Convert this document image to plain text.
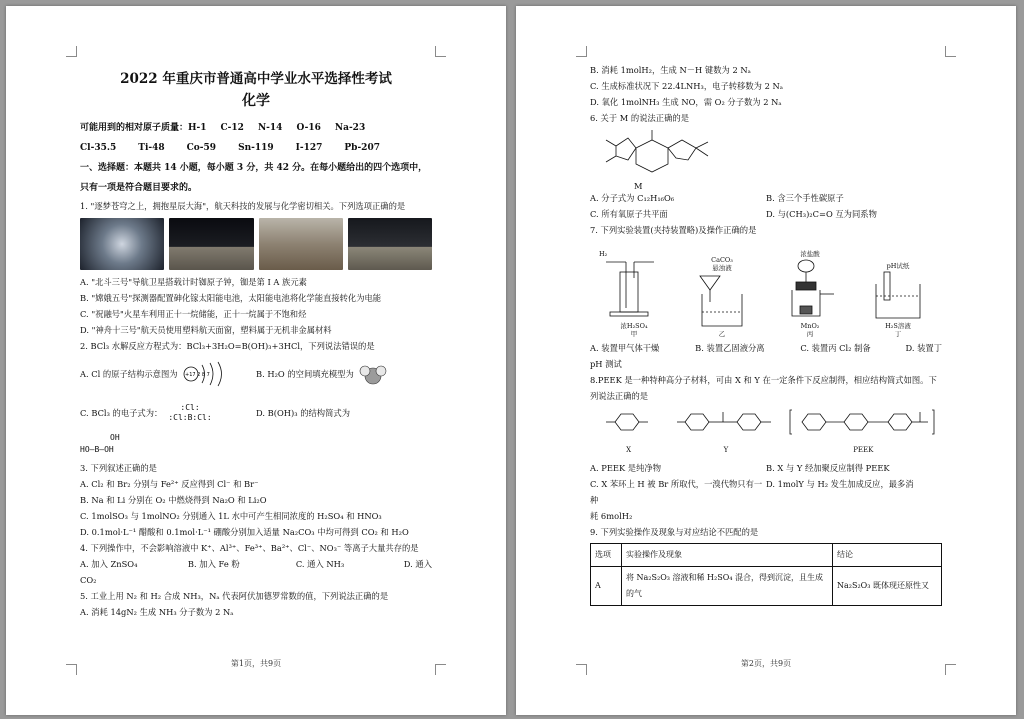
2022 年重庆市普通高中学业水平选择性考试
化学
可能用到的相对原子质量：H-1 C-12 N-14 O-16 Na-23
Cl-35.5 Ti-48 Co-59 Sn-119 I-127 Pb-207
一、选择题：本题共 14 小题，每小题 3 分，共 42 分。在每小题给出的四个选项中，只有一项是符合题目要求的。
1. "逐梦苍穹之上，拥抱星辰大海"，航天科技的发展与化学密切相关。下列选项正确的是
A. "北斗三号"导航卫星搭载计时铷原子钟，铷是第 I A 族元素
B. "嫦娥五号"探测器配置砷化镓太阳能电池，太阳能电池将化学能直接转化为电能
C. "祝融号"火星车利用正十一烷储能，正十一烷属于不饱和烃
D. "神舟十三号"航天员使用塑料航天面窗，塑料属于无机非金属材料
2. BCl₃ 水解反应方程式为：BCl₃+3H₂O=B(OH)₃+3HCl，下列说法错误的是
A. Cl 的原子结构示意图为 +17 2 8 7	B. H₂O 的空间填充模型为
C. BCl₃ 的电子式为：
:Cl:
:Cl:B:Cl:	D. B(OH)₃ 的结构简式为
OH
HO—B—OH
3. 下列叙述正确的是
A. Cl₂ 和 Br₂ 分别与 Fe²⁺ 反应得到 Cl⁻ 和 Br⁻
B. Na 和 Li 分别在 O₂ 中燃烧得到 Na₂O 和 Li₂O
C. 1molSO₃ 与 1molNO₂ 分别通入 1L 水中可产生相同浓度的 H₂SO₄ 和 HNO₃
D. 0.1mol·L⁻¹ 醋酸和 0.1mol·L⁻¹ 硼酸分别加入适量 Na₂CO₃ 中均可得到 CO₂ 和 H₂O
4. 下列操作中，不会影响溶液中 K⁺、Al³⁺、Fe³⁺、Ba²⁺、Cl⁻、NO₃⁻ 等离子大量共存的是
A. 加入 ZnSO₄	B. 加入 Fe 粉	C. 通入 NH₃	D. 通入
CO₂
5. 工业上用 N₂ 和 H₂ 合成 NH₃，Nₐ 代表阿伏加德罗常数的值，下列说法正确的是
A. 消耗 14gN₂ 生成 NH₃ 分子数为 2 Nₐ
第1页，共9页
B. 消耗 1molH₂，生成 N－H 键数为 2 Nₐ
C. 生成标准状况下 22.4LNH₃，电子转移数为 2 Nₐ
D. 氧化 1molNH₃ 生成 NO，需 O₂ 分子数为 2 Nₐ
6. 关于 M 的说法正确的是
M
A. 分子式为 C₁₂H₁₆O₆	B. 含三个手性碳原子
C. 所有氧原子共平面	D. 与(CH₃)₂C=O 互为同系物
7. 下列实验装置(夹持装置略)及操作正确的是
H₂
浓H₂SO₄
甲
CaCO₃
悬浊液
乙
浓盐酸
MnO₂
丙
pH试纸
H₂S溶液
丁
A. 装置甲气体干燥	B. 装置乙固液分离	C. 装置丙 Cl₂ 制备	D. 装置丁
pH 测试
8.PEEK 是一种特种高分子材料，可由 X 和 Y 在一定条件下反应制得，相应结构简式如图。下列说法正确的是
X	Y	PEEK
A. PEEK 是纯净物	B. X 与 Y 经加聚反应制得 PEEK
C. X 苯环上 H 被 Br 所取代，一溴代物只有一种
D. 1molY 与 H₂ 发生加成反应，最多消
耗 6molH₂
9. 下列实验操作及现象与对应结论不匹配的是
选项	实验操作及现象	结论
A	将 Na₂S₂O₃ 溶液和稀 H₂SO₄ 混合，得到沉淀，且生成的气	Na₂S₂O₃ 既体现还原性又
第2页，共9页
